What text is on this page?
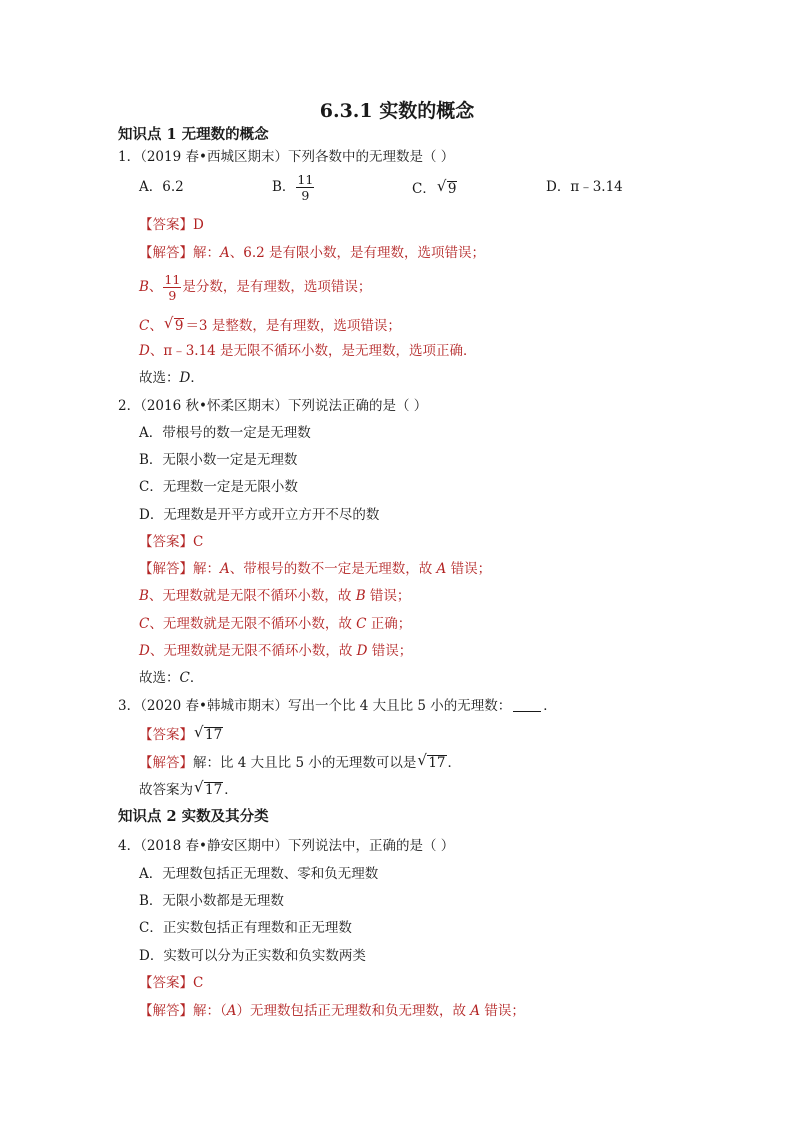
6.3.1 实数的概念
知识点 1 无理数的概念
1．（2019 春•西城区期末）下列各数中的无理数是（ ）
A．6.2	B． $\frac{11}{9}$	C． √ 9	D．π﹣3.14
【答案】D
【解答】解：A、6.2 是有限小数，是有理数，选项错误；
B、 $\frac{11}{9}$ 是分数，是有理数，选项错误；
C、 √ 9 ＝3 是整数，是有理数，选项错误；
D、π﹣3.14 是无限不循环小数，是无理数，选项正确．
故选：D．
2．（2016 秋•怀柔区期末）下列说法正确的是（ ）
A．带根号的数一定是无理数
B．无限小数一定是无理数
C．无理数一定是无限小数
D．无理数是开平方或开立方开不尽的数
【答案】C
【解答】解：A、带根号的数不一定是无理数，故 A 错误；
B、无理数就是无限不循环小数，故 B 错误；
C、无理数就是无限不循环小数，故 C 正确；
D、无理数就是无限不循环小数，故 D 错误；
故选：C．
3．（2020 春•韩城市期末）写出一个比 4 大且比 5 小的无理数： ．
【答案】 √ 17
【解答】解：比 4 大且比 5 小的无理数可以是 √ 17 ．
故答案为 √ 17 ．
知识点 2 实数及其分类
4．（2018 春•静安区期中）下列说法中，正确的是（ ）
A．无理数包括正无理数、零和负无理数
B．无限小数都是无理数
C．正实数包括正有理数和正无理数
D．实数可以分为正实数和负实数两类
【答案】C
【解答】解：（A）无理数包括正无理数和负无理数，故 A 错误；
